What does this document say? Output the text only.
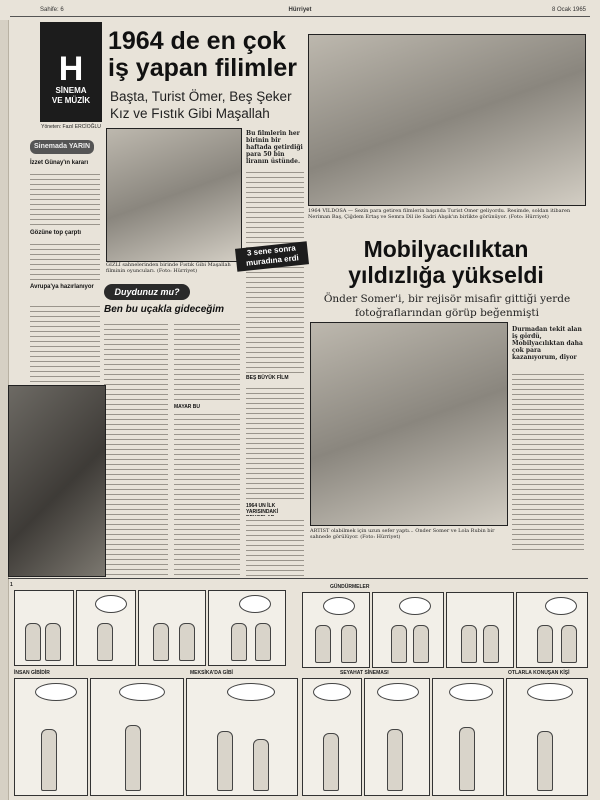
Sahife: 6	Hürriyet	8 Ocak 1965
H
SİNEMA
VE MÜZİK
Yöneten: Fazıl ERCİOĞLU
1964 de en çok iş yapan filimler
Başta, Turist Ömer, Beş Şeker Kız ve Fıstık Gibi Maşallah
Sinemada YARIN
İzzet Günay'ın kararı
Gözüne top çarptı
Avrupa'ya hazırlanıyor
Bu filmlerin her birinin bir haftada getirdiği para 50 bin liranın üstünde.
BEŞ BÜYÜK FİLM
1964 UN İLK YARISINDAKİ
GİZLİ sahnelerinden birinde Fıstık Gibi Maşallah filminin oyuncuları. (Foto: Hürriyet)
Duydunuz mu?
Ben bu uçakla gideceğim
MAYAR BU
1964 VİLDOSA — Sezin para getiren filmlerin başında Turist Ömer geliyordu. Resimde, soldan itibaren Neriman Baş, Çiğdem Ertaş ve Semra Dil ile Sadri Alışık'ın birlikte görünüyor. (Foto: Hürriyet)
3 sene sonra muradına erdi	Mobilyacılıktan yıldızlığa yükseldi
Önder Somer'i, bir rejisör misafir gittiği yerde fotoğraflarından görüp beğenmişti
ARTİST olabilmek için uzun sefer yaptı... Önder Somer ve Lola Rubin bir sahnede görülüyor. (Foto: Hürriyet)
Durmadan tekit alan iş gördü, Mobilyacılıktan daha çok para kazanıyorum, diyor
1	GÜNDÜRMELER
İNSAN GİBİDİR	MEKSİKA'DA GİBİ	SEYAHAT SİNEMASI	OTLARLA KONUŞAN KİŞİ
